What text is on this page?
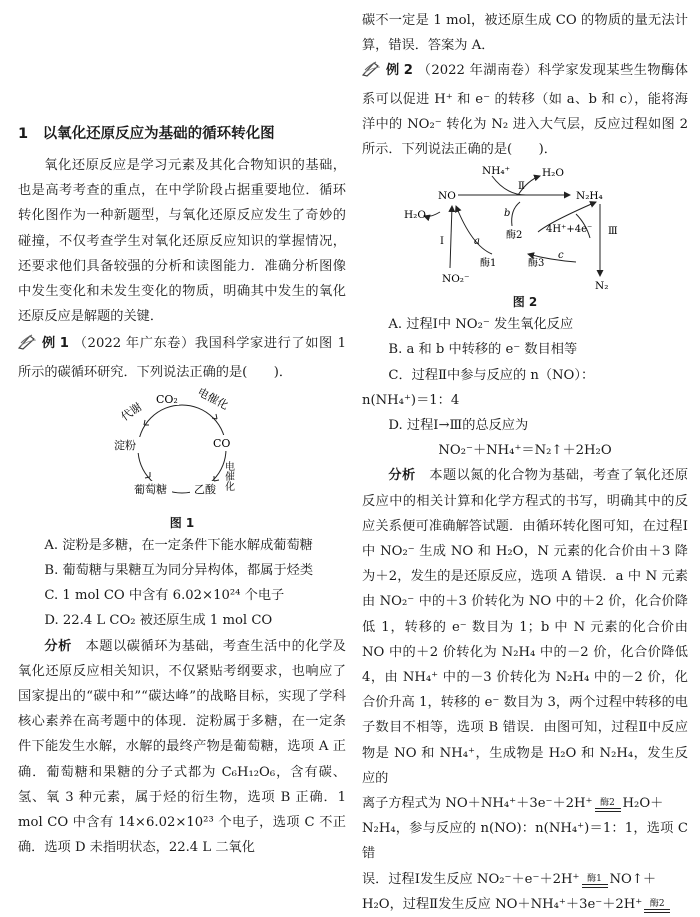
1　以氧化还原反应为基础的循环转化图

氧化还原反应是学习元素及其化合物知识的基础，也是高考考查的重点，在中学阶段占据重要地位．循环转化图作为一种新题型，与氧化还原反应发生了奇妙的碰撞，不仅考查学生对氧化还原反应知识的掌握情况，还要求他们具备较强的分析和读图能力．准确分析图像中发生变化和未发生变化的物质，明确其中发生的氧化还原反应是解题的关键．

例 1 （2022 年广东卷）我国科学家进行了如图 1 所示的碳循环研究．下列说法正确的是(　　)．

CO₂
CO
乙酸
葡萄糖
淀粉
电催化
电催化
代谢
图 1

A. 淀粉是多糖，在一定条件下能水解成葡萄糖

B. 葡萄糖与果糖互为同分异构体，都属于烃类

C. 1 mol CO 中含有 6.02×10²⁴ 个电子

D. 22.4 L CO₂ 被还原生成 1 mol CO

分析　 本题以碳循环为基础，考查生活中的化学及氧化还原反应相关知识，不仅紧贴考纲要求，也响应了国家提出的“碳中和”“碳达峰”的战略目标，实现了学科核心素养在高考题中的体现．淀粉属于多糖，在一定条件下能发生水解，水解的最终产物是葡萄糖，选项 A 正确．葡萄糖和果糖的分子式都为 C₆H₁₂O₆，含有碳、氢、氧 3 种元素，属于烃的衍生物，选项 B 正确．1 mol CO 中含有 14×6.02×10²³ 个电子，选项 C 不正确．选项 D 未指明状态，22.4 L 二氧化

碳不一定是 1 mol，被还原生成 CO 的物质的量无法计算，错误．答案为 A．

例 2 （2022 年湖南卷）科学家发现某些生物酶体系可以促进 H⁺ 和 e⁻ 的转移（如 a、b 和 c），能将海洋中的 NO₂⁻ 转化为 N₂ 进入大气层，反应过程如图 2 所示．下列说法正确的是(　　)．

NH₄⁺	H₂O
NO	N₂H₄
H₂O
Ⅱ
b
酶2
4H⁺+4e⁻ Ⅲ
c
酶3
a
酶1
Ⅰ
NO₂⁻
N₂
图 2

A. 过程Ⅰ中 NO₂⁻ 发生氧化反应

B. a 和 b 中转移的 e⁻ 数目相等

C．过程Ⅱ中参与反应的 n（NO）：

n(NH₄⁺)＝1：4

D. 过程Ⅰ→Ⅲ的总反应为

NO₂⁻＋NH₄⁺＝N₂↑＋2H₂O

分析　 本题以氮的化合物为基础，考查了氧化还原反应中的相关计算和化学方程式的书写，明确其中的反应关系便可准确解答试题．由循环转化图可知，在过程Ⅰ中 NO₂⁻ 生成 NO 和 H₂O，N 元素的化合价由＋3 降为＋2，发生的是还原反应，选项 A 错误．a 中 N 元素由 NO₂⁻ 中的＋3 价转化为 NO 中的＋2 价，化合价降低 1，转移的 e⁻ 数目为 1；b 中 N 元素的化合价由 NO 中的＋2 价转化为 N₂H₄ 中的－2 价，化合价降低 4，由 NH₄⁺ 中的－3 价转化为 N₂H₄ 中的－2 价，化合价升高 1，转移的 e⁻ 数目为 3，两个过程中转移的电子数目不相等，选项 B 错误．由图可知，过程Ⅱ中反应物是 NO 和 NH₄⁺，生成物是 H₂O 和 N₂H₄，发生反应的

离子方程式为 NO＋NH₄⁺＋3e⁻＋2H⁺ 酶2 H₂O＋

N₂H₄，参与反应的 n(NO)：n(NH₄⁺)＝1：1，选项 C 错

误．过程Ⅰ发生反应 NO₂⁻＋e⁻＋2H⁺ 酶1 NO↑＋

H₂O，过程Ⅱ发生反应 NO＋NH₄⁺＋3e⁻＋2H⁺ 酶2
